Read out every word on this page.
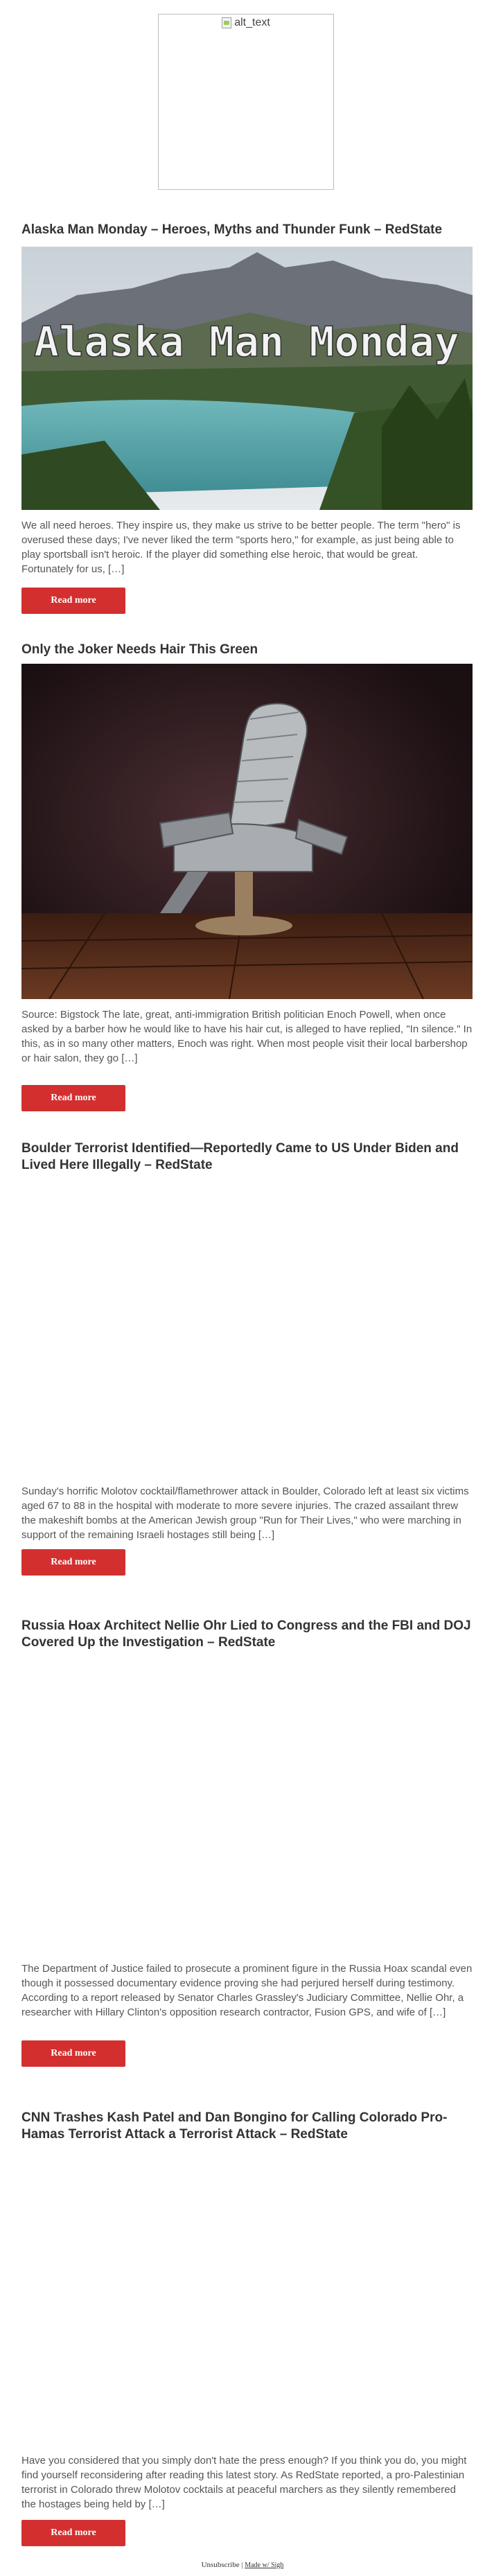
alt_text
Alaska Man Monday – Heroes, Myths and Thunder Funk – RedState
Alaska Man Monday

We all need heroes. They inspire us, they make us strive to be better people. The term "hero" is overused these days; I've never liked the term "sports hero," for example, as just being able to play sportsball isn't heroic. If the player did something else heroic, that would be great. Fortunately for us, […]

Read more
Only the Joker Needs Hair This Green

Source: Bigstock The late, great, anti-immigration British politician Enoch Powell, when once asked by a barber how he would like to have his hair cut, is alleged to have replied, "In silence." In this, as in so many other matters, Enoch was right. When most people visit their local barbershop or hair salon, they go […]

Read more
Boulder Terrorist Identified—Reportedly Came to US Under Biden and Lived Here Illegally – RedState

Sunday's horrific Molotov cocktail/flamethrower attack in Boulder, Colorado left at least six victims aged 67 to 88 in the hospital with moderate to more severe injuries. The crazed assailant threw the makeshift bombs at the American Jewish group "Run for Their Lives," who were marching in support of the remaining Israeli hostages still being […]

Read more
Russia Hoax Architect Nellie Ohr Lied to Congress and the FBI and DOJ Covered Up the Investigation – RedState

The Department of Justice failed to prosecute a prominent figure in the Russia Hoax scandal even though it possessed documentary evidence proving she had perjured herself during testimony. According to a report released by Senator Charles Grassley's Judiciary Committee, Nellie Ohr, a researcher with Hillary Clinton's opposition research contractor, Fusion GPS, and wife of […]

Read more
CNN Trashes Kash Patel and Dan Bongino for Calling Colorado Pro-Hamas Terrorist Attack a Terrorist Attack – RedState

Have you considered that you simply don't hate the press enough? If you think you do, you might find yourself reconsidering after reading this latest story. As RedState reported, a pro-Palestinian terrorist in Colorado threw Molotov cocktails at peaceful marchers as they silently remembered the hostages being held by […]

Read more
Unsubscribe | Made w/ Sigh
